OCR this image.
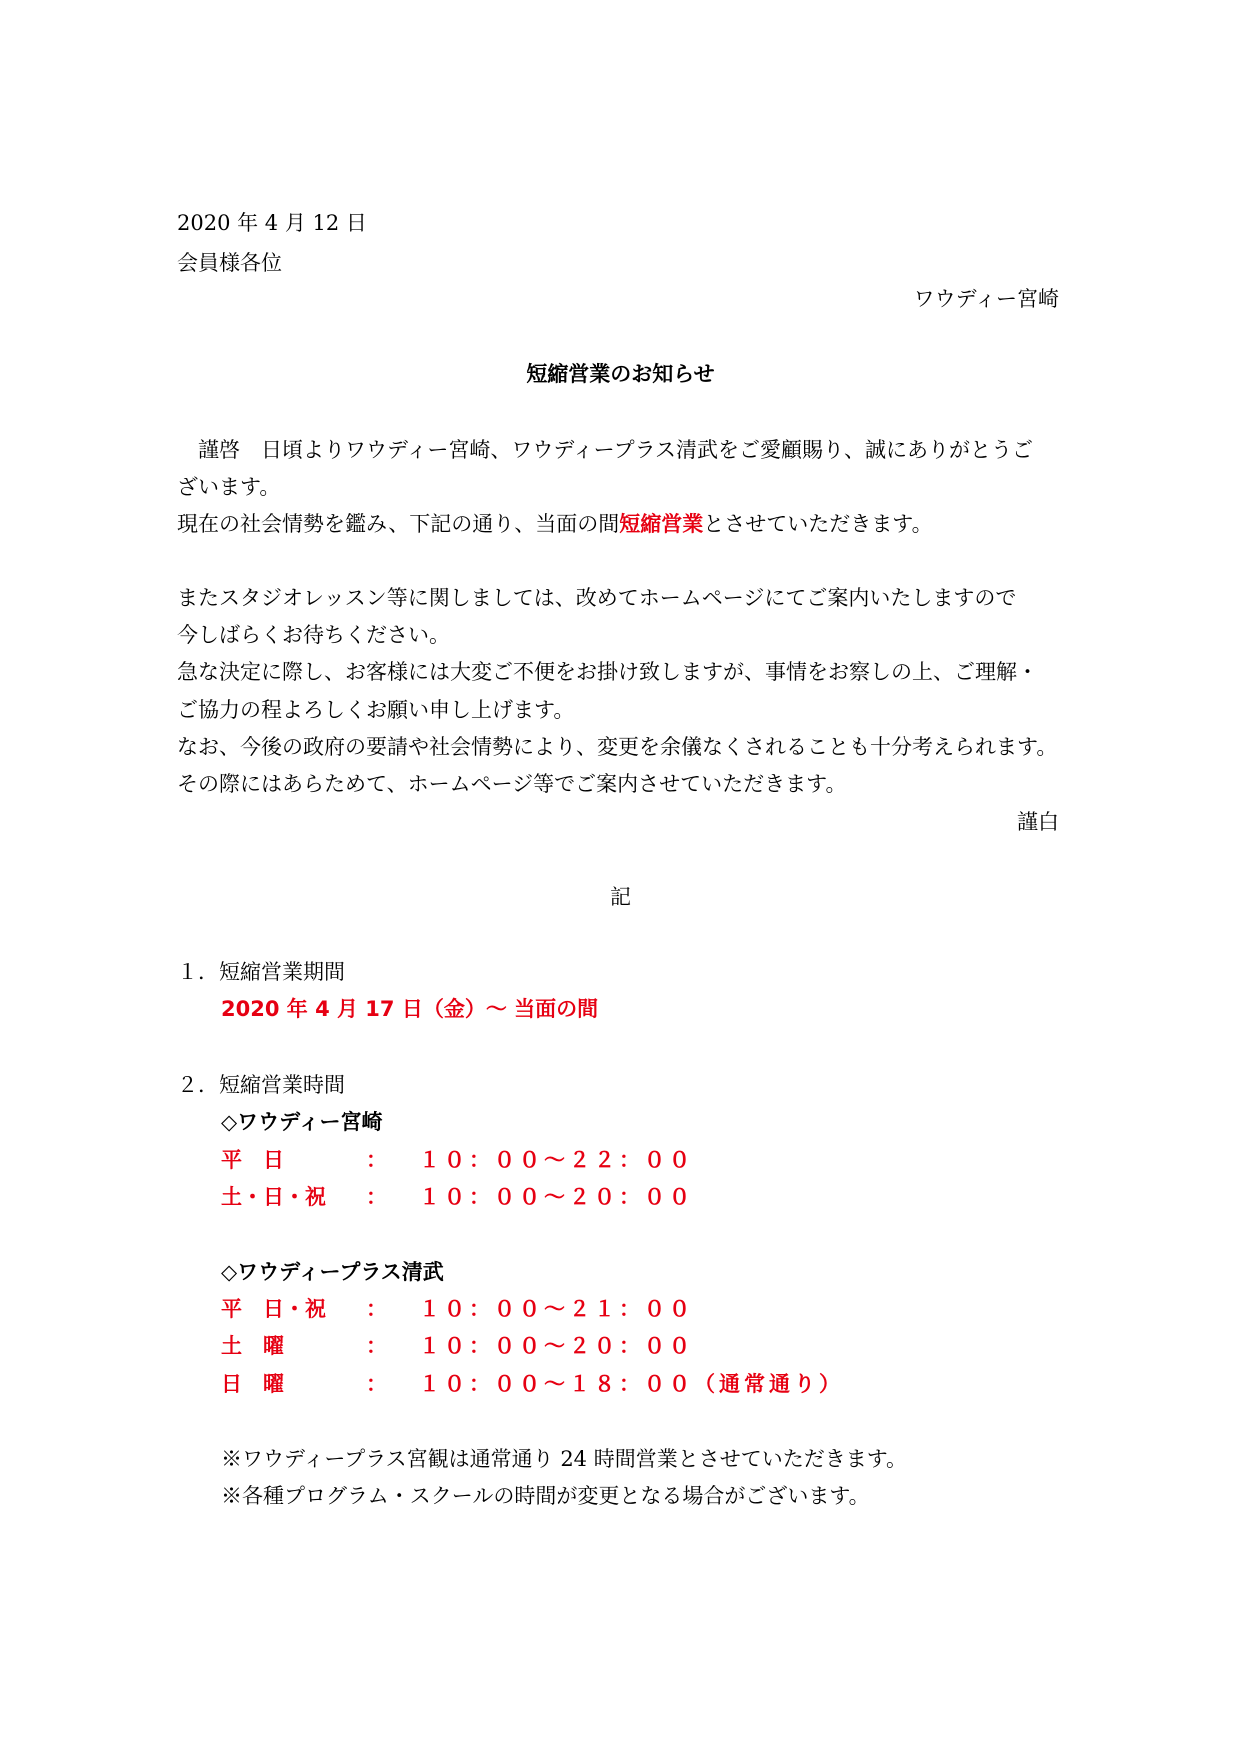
2020 年 4 月 12 日
会員様各位
ワウディー宮崎
短縮営業のお知らせ
　謹啓　日頃よりワウディー宮崎、ワウディープラス清武をご愛顧賜り、誠にありがとうご
ざいます。
現在の社会情勢を鑑み、下記の通り、当面の間短縮営業とさせていただきます。
またスタジオレッスン等に関しましては、改めてホームページにてご案内いたしますので
今しばらくお待ちください。
急な決定に際し、お客様には大変ご不便をお掛け致しますが、事情をお察しの上、ご理解・
ご協力の程よろしくお願い申し上げます。
なお、今後の政府の要請や社会情勢により、変更を余儀なくされることも十分考えられます。
その際にはあらためて、ホームページ等でご案内させていただきます。
謹白
記
１．短縮営業期間
2020 年 4 月 17 日（金）～ 当面の間
２．短縮営業時間
◇ワウディー宮崎
平　日	： １０：００～２２：００
土・日・祝 ： １０：００～２０：００
◇ワウディープラス清武
平　日・祝 ： １０：００～２１：００
土　曜	： １０：００～２０：００
日　曜	： １０：００～１８：００（通常通り）
※ワウディープラス宮観は通常通り 24 時間営業とさせていただきます。
※各種プログラム・スクールの時間が変更となる場合がございます。
